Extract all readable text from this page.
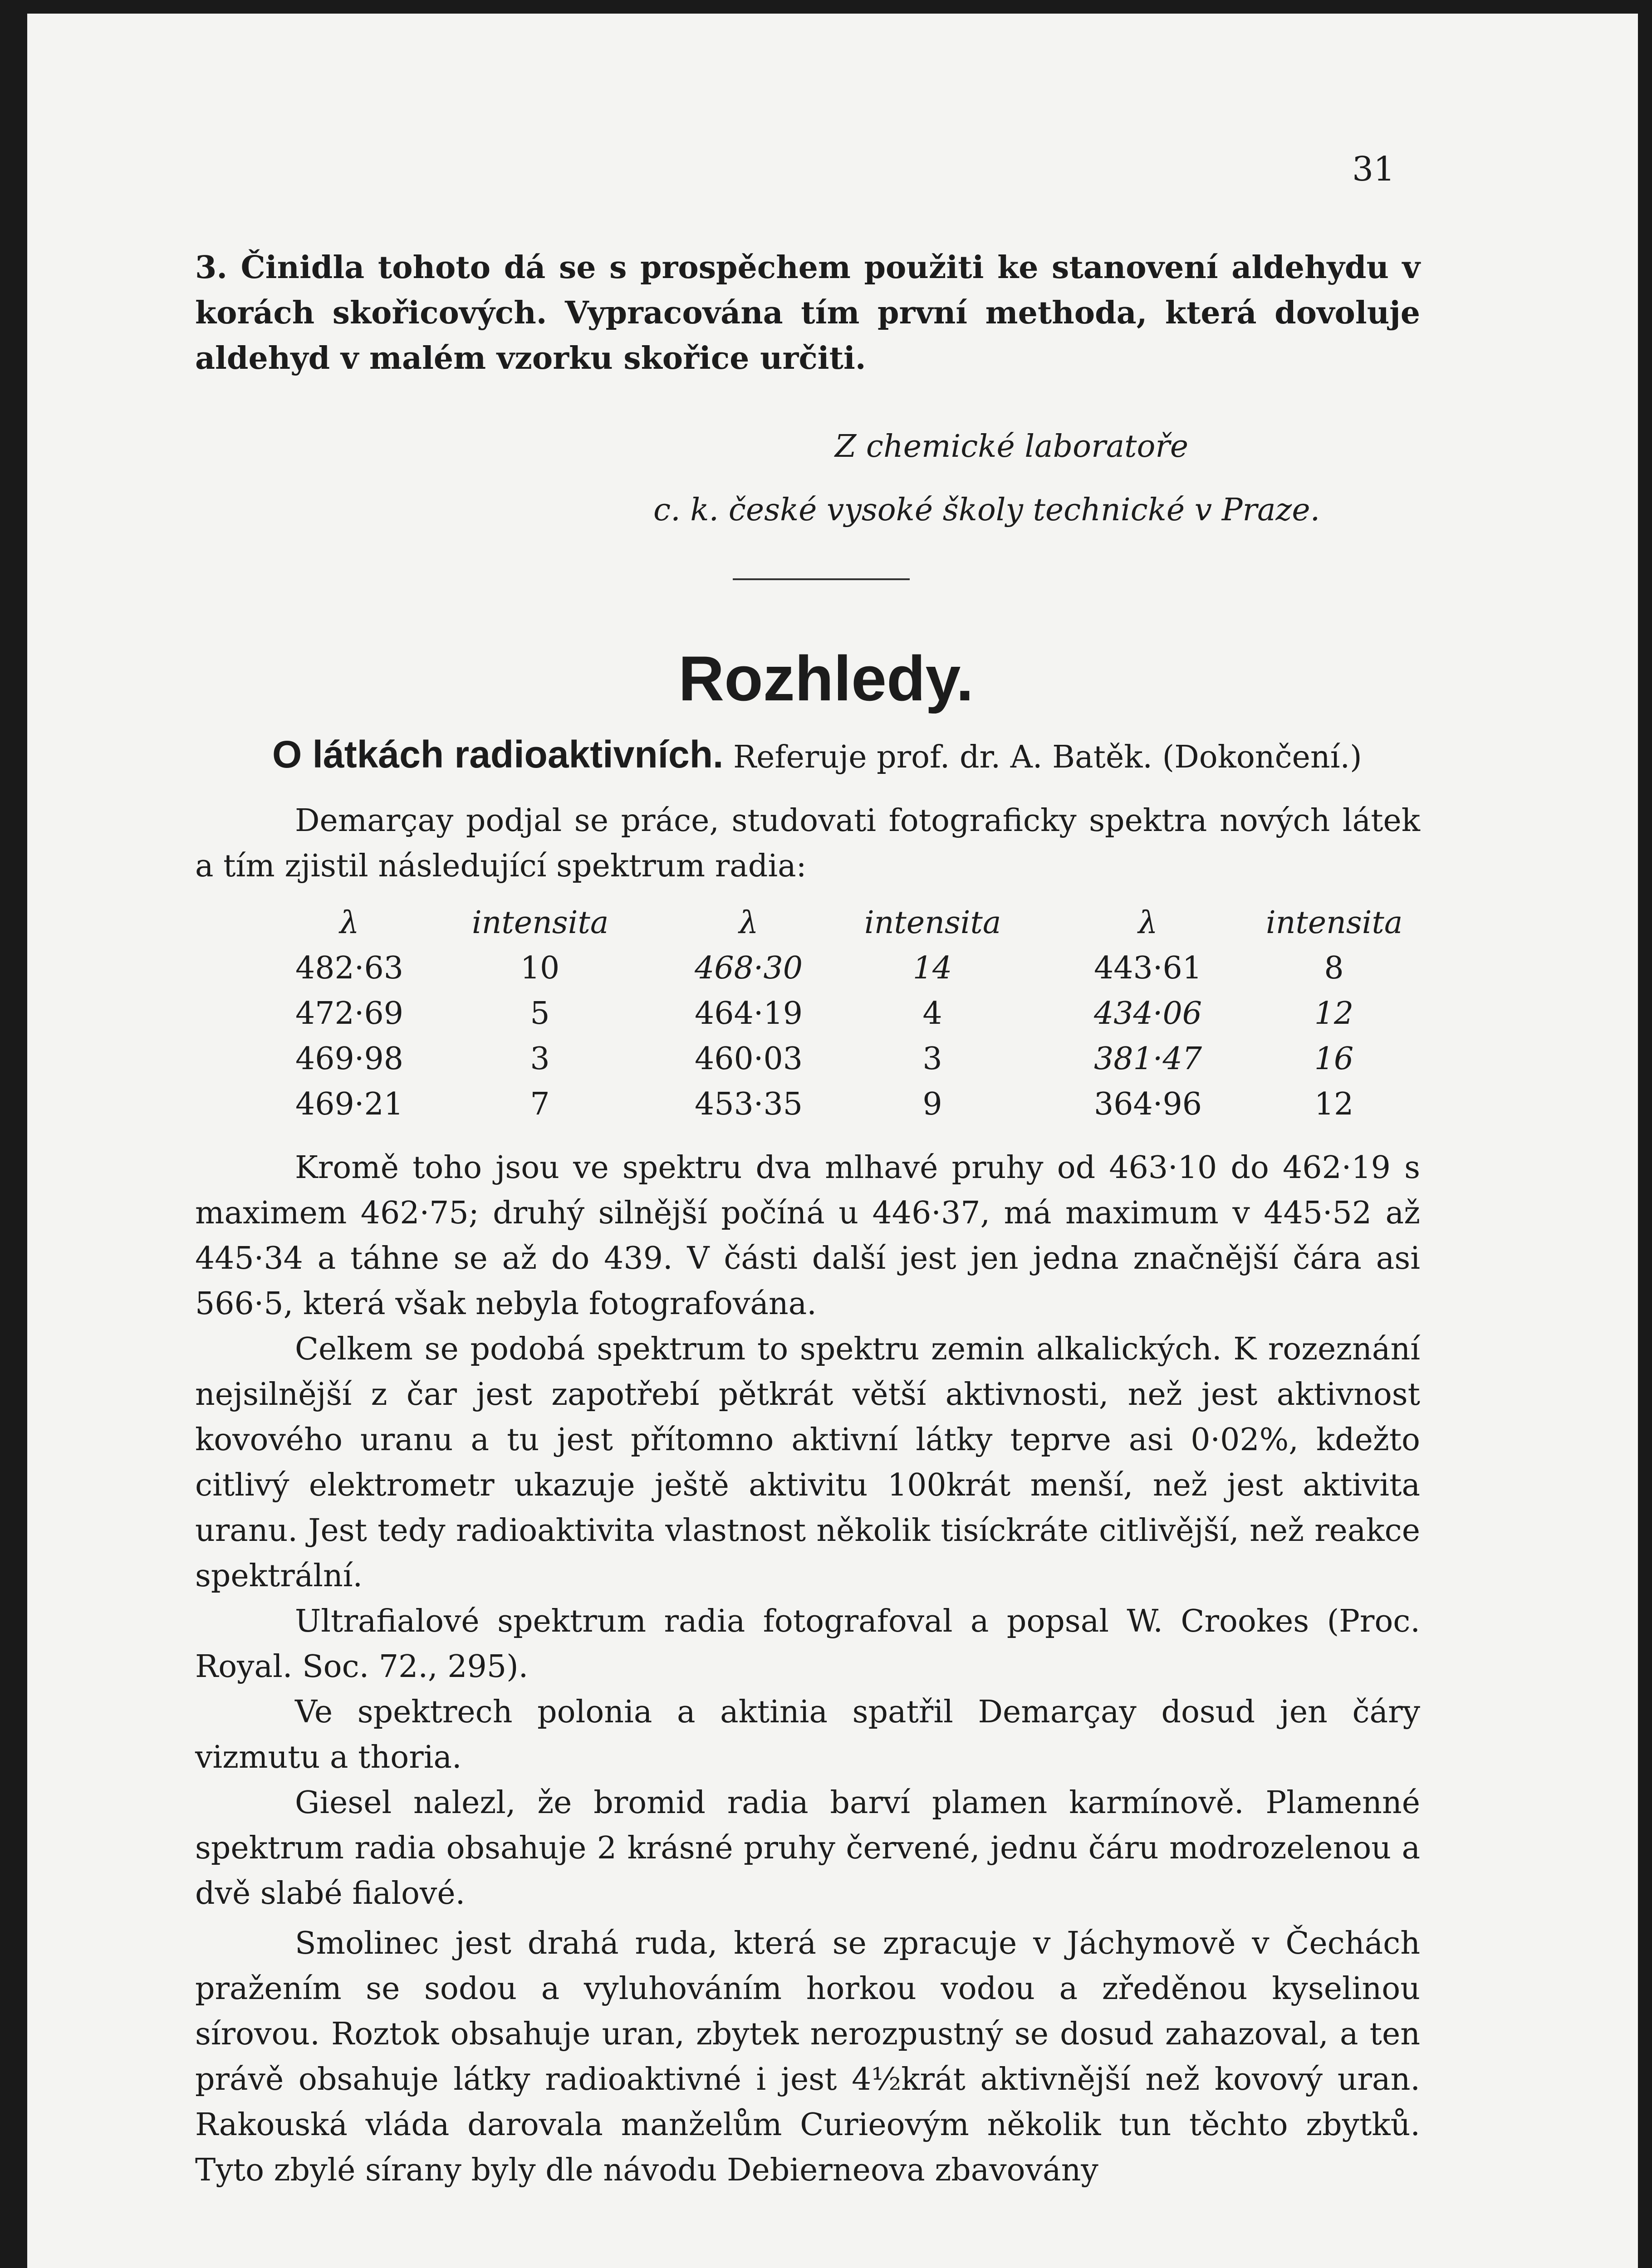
31
3. Činidla tohoto dá se s prospěchem použiti ke stanovení aldehydu v korách skořicových. Vypracována tím první methoda, která dovoluje aldehyd v malém vzorku skořice určiti.
Z chemické laboratoře
c. k. české vysoké školy technické v Praze.
Rozhledy.
O látkách radioaktivních. Referuje prof. dr. A. Batěk. (Dokončení.)
Demarçay podjal se práce, studovati fotograficky spektra nových látek a tím zjistil následující spektrum radia:
λ	intensita	λ	intensita	λ	intensita
482·63	10	468·30	14	443·61	8
472·69	5	464·19	4	434·06	12
469·98	3	460·03	3	381·47	16
469·21	7	453·35	9	364·96	12
Kromě toho jsou ve spektru dva mlhavé pruhy od 463·10 do 462·19 s maximem 462·75; druhý silnější počíná u 446·37, má maximum v 445·52 až 445·34 a táhne se až do 439. V části další jest jen jedna značnější čára asi 566·5, která však nebyla fotografována.
Celkem se podobá spektrum to spektru zemin alkalických. K rozeznání nejsilnější z čar jest zapotřebí pětkrát větší aktivnosti, než jest aktivnost kovového uranu a tu jest přítomno aktivní látky teprve asi 0·02%, kdežto citlivý elektrometr ukazuje ještě aktivitu 100krát menší, než jest aktivita uranu. Jest tedy radioaktivita vlastnost několik tisíckráte citlivější, než reakce spektrální.
Ultrafialové spektrum radia fotografoval a popsal W. Crookes (Proc. Royal. Soc. 72., 295).
Ve spektrech polonia a aktinia spatřil Demarçay dosud jen čáry vizmutu a thoria.
Giesel nalezl, že bromid radia barví plamen karmínově. Plamenné spektrum radia obsahuje 2 krásné pruhy červené, jednu čáru modrozelenou a dvě slabé fialové.
Smolinec jest drahá ruda, která se zpracuje v Jáchymově v Čechách pražením se sodou a vyluhováním horkou vodou a zředěnou kyselinou sírovou. Roztok obsahuje uran, zbytek nerozpustný se dosud zahazoval, a ten právě obsahuje látky radioaktivné i jest 4½krát aktivnější než kovový uran. Rakouská vláda darovala manželům Curieovým několik tun těchto zbytků. Tyto zbylé sírany byly dle návodu Debierneova zbavovány
